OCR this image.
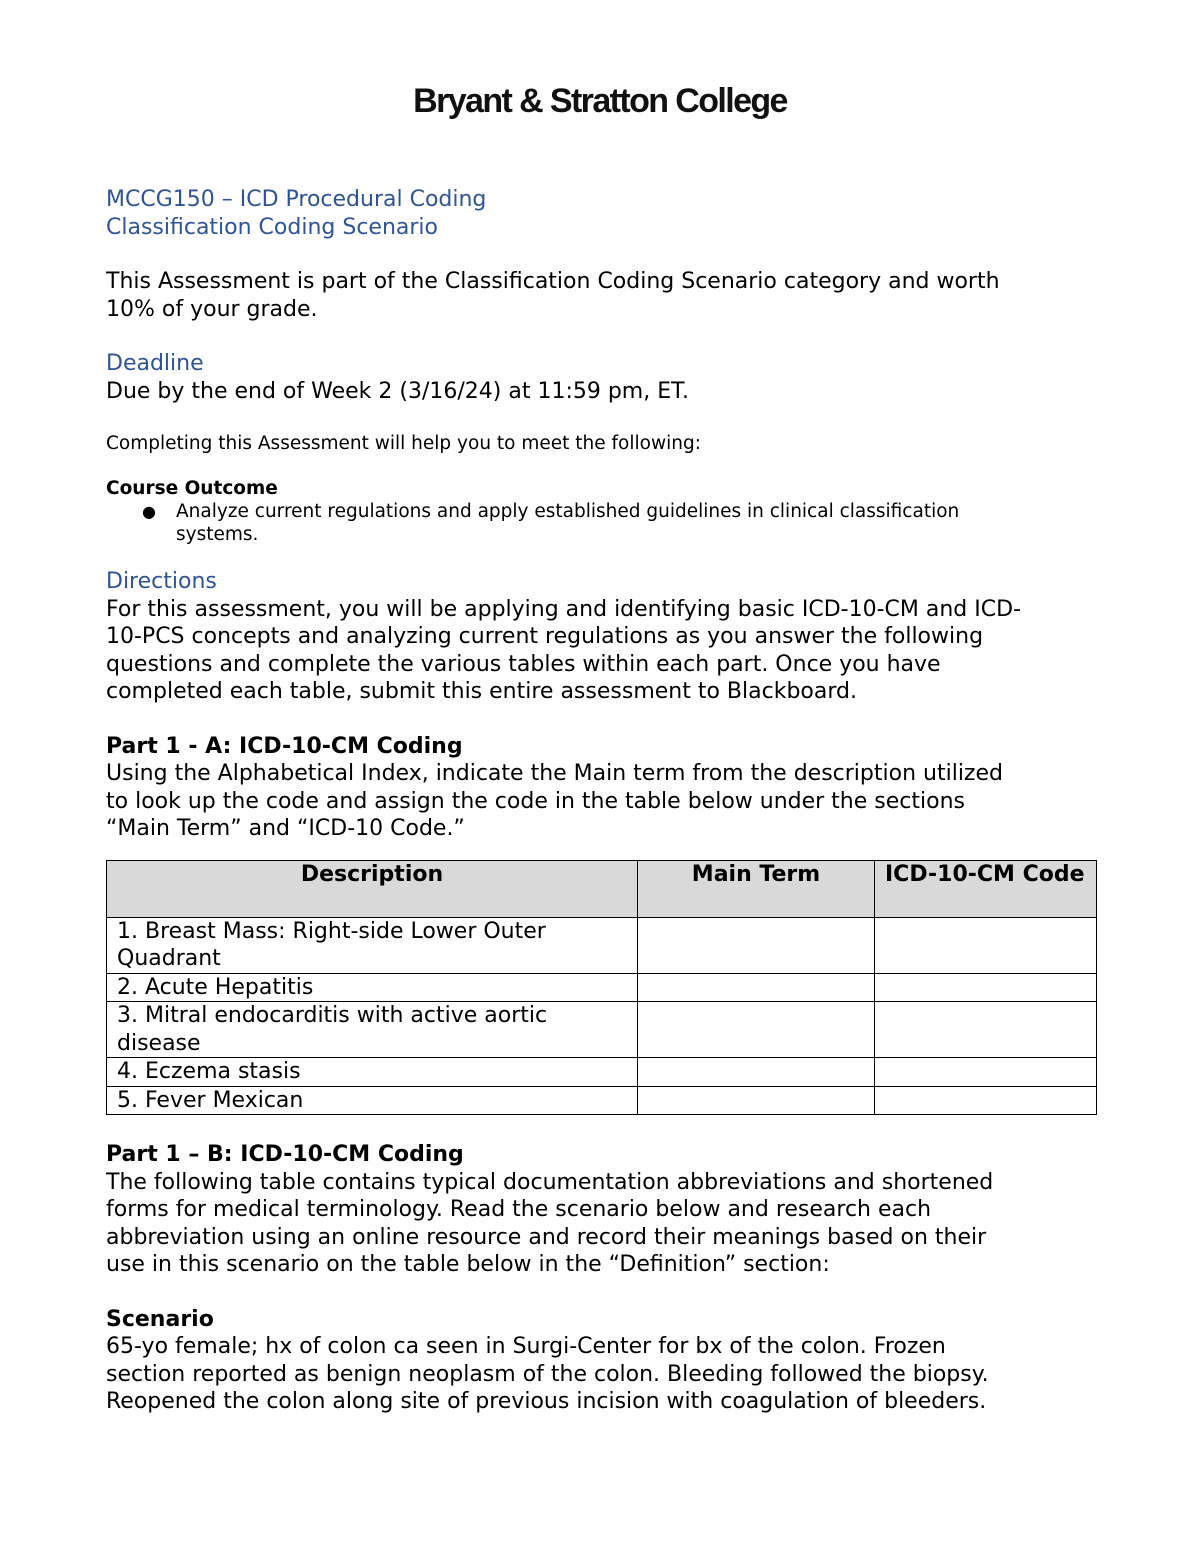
Bryant & Stratton College

MCCG150 – ICD Procedural Coding

Classification Coding Scenario

This Assessment is part of the Classification Coding Scenario category and worth

10% of your grade.

Deadline

Due by the end of Week 2 (3/16/24) at 11:59 pm, ET.

Completing this Assessment will help you to meet the following:

Course Outcome

● Analyze current regulations and apply established guidelines in clinical classification
systems.

Directions

For this assessment, you will be applying and identifying basic ICD-10-CM and ICD-

10-PCS concepts and analyzing current regulations as you answer the following

questions and complete the various tables within each part. Once you have

completed each table, submit this entire assessment to Blackboard.

Part 1 - A: ICD-10-CM Coding

Using the Alphabetical Index, indicate the Main term from the description utilized

to look up the code and assign the code in the table below under the sections

“Main Term” and “ICD-10 Code.”

Description	Main Term	ICD-10-CM Code
1. Breast Mass: Right-side Lower Outer Quadrant		
2. Acute Hepatitis		
3. Mitral endocarditis with active aortic disease		
4. Eczema stasis		
5. Fever Mexican		

Part 1 – B: ICD-10-CM Coding

The following table contains typical documentation abbreviations and shortened

forms for medical terminology. Read the scenario below and research each

abbreviation using an online resource and record their meanings based on their

use in this scenario on the table below in the “Definition” section:

Scenario

65-yo female; hx of colon ca seen in Surgi-Center for bx of the colon. Frozen

section reported as benign neoplasm of the colon. Bleeding followed the biopsy.

Reopened the colon along site of previous incision with coagulation of bleeders.
